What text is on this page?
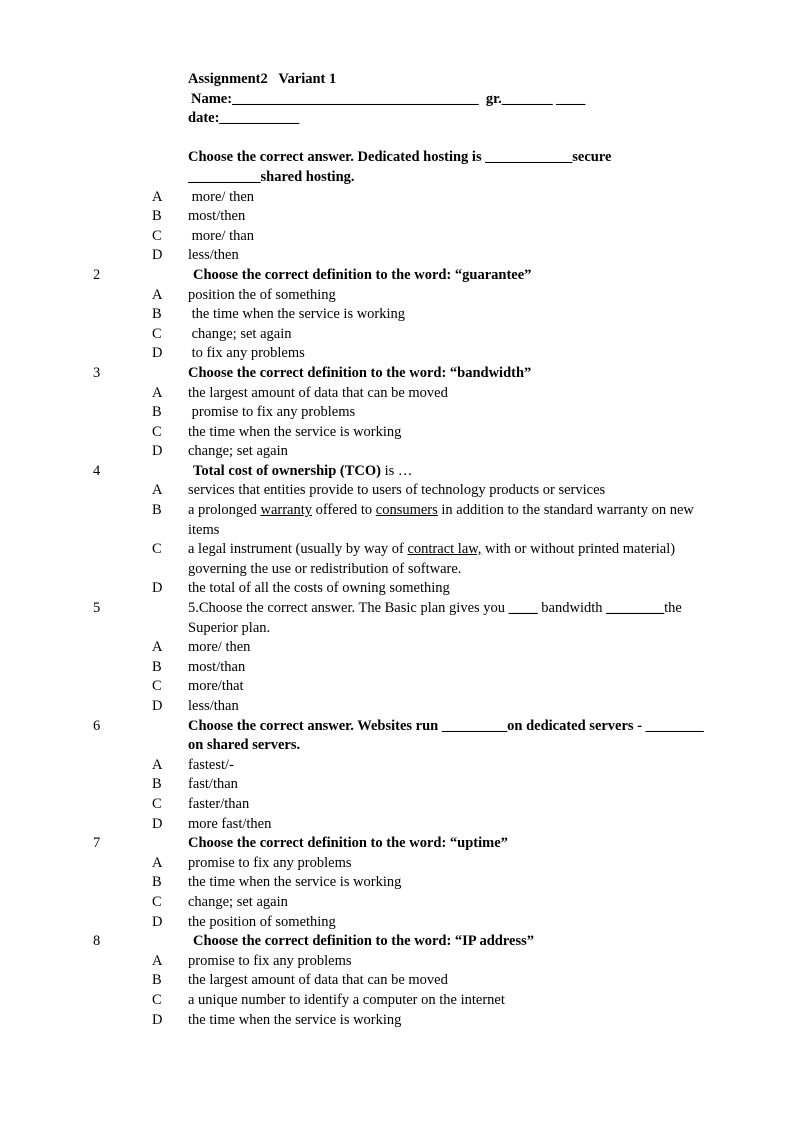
Assignment2   Variant 1
Name:__________________________________ gr._______ ____
date:___________
Choose the correct answer. Dedicated hosting is ____________secure __________shared hosting.
A more/ then
B most/then
C more/ than
D less/then
2	Choose the correct definition to the word: “guarantee”
A position the of something
B the time when the service is working
C change; set again
D to fix any problems
3	Choose the correct definition to the word: “bandwidth”
A the largest amount of data that can be moved
B promise to fix any problems
C the time when the service is working
D change; set again
4	Total cost of ownership (TCO) is …
A services that entities provide to users of technology products or services
B a prolonged warranty offered to consumers in addition to the standard warranty on new items
C a legal instrument (usually by way of contract law, with or without printed material) governing the use or redistribution of software.
D the total of all the costs of owning something
5	5.Choose the correct answer. The Basic plan gives you ____ bandwidth ________the Superior plan.
A more/ then
B most/than
C more/that
D less/than
6	Choose the correct answer. Websites run _________on dedicated servers - ________ on shared servers.
A fastest/-
B fast/than
C faster/than
D more fast/then
7	Choose the correct definition to the word: “uptime”
A promise to fix any problems
B the time when the service is working
C change; set again
D the position of something
8	Choose the correct definition to the word: “IP address”
A promise to fix any problems
B the largest amount of data that can be moved
C a unique number to identify a computer on the internet
D the time when the service is working
